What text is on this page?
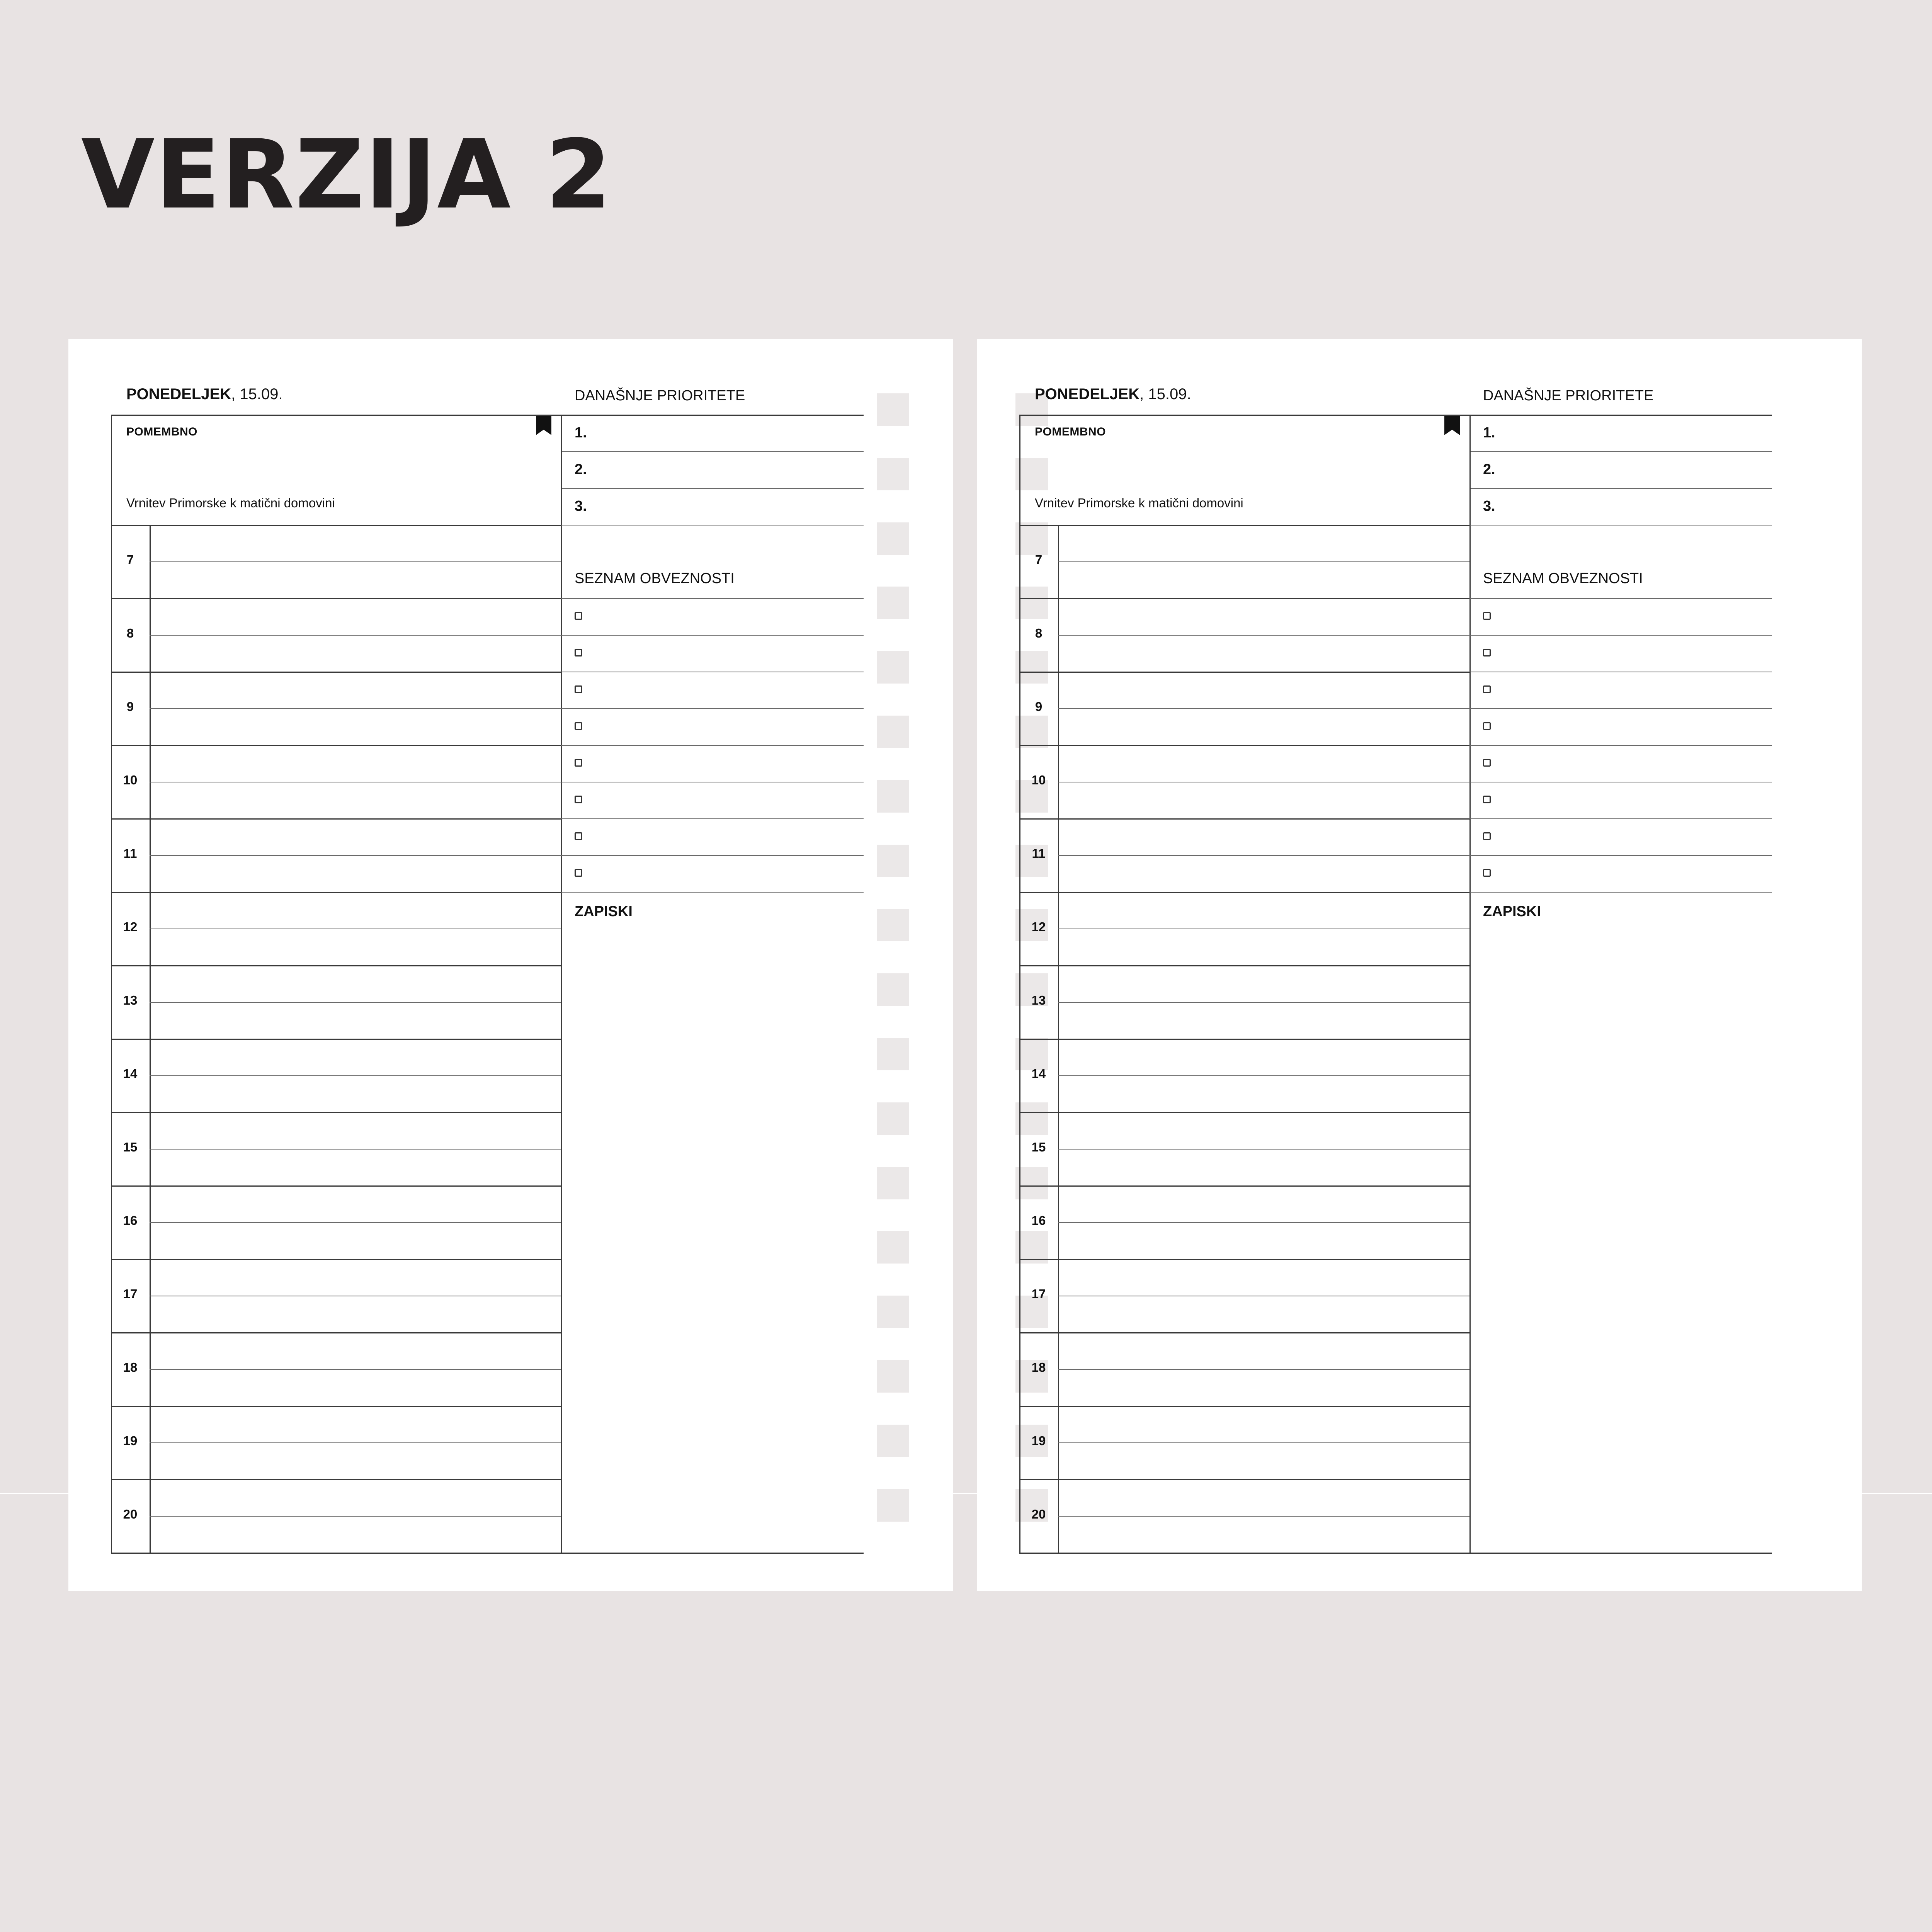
VERZIJA 2
PONEDELJEK, 15.09.	DANAŠNJE PRIORITETE
POMEMBNO
Vrnitev Primorske k matični domovini
1.
2.
3.
7
8
9
10
11
12
13
14
15
16
17
18
19
20
SEZNAM OBVEZNOSTI
ZAPISKI
PONEDELJEK, 15.09.	DANAŠNJE PRIORITETE
POMEMBNO
Vrnitev Primorske k matični domovini
1.
2.
3.
7
8
9
10
11
12
13
14
15
16
17
18
19
20
SEZNAM OBVEZNOSTI
ZAPISKI
